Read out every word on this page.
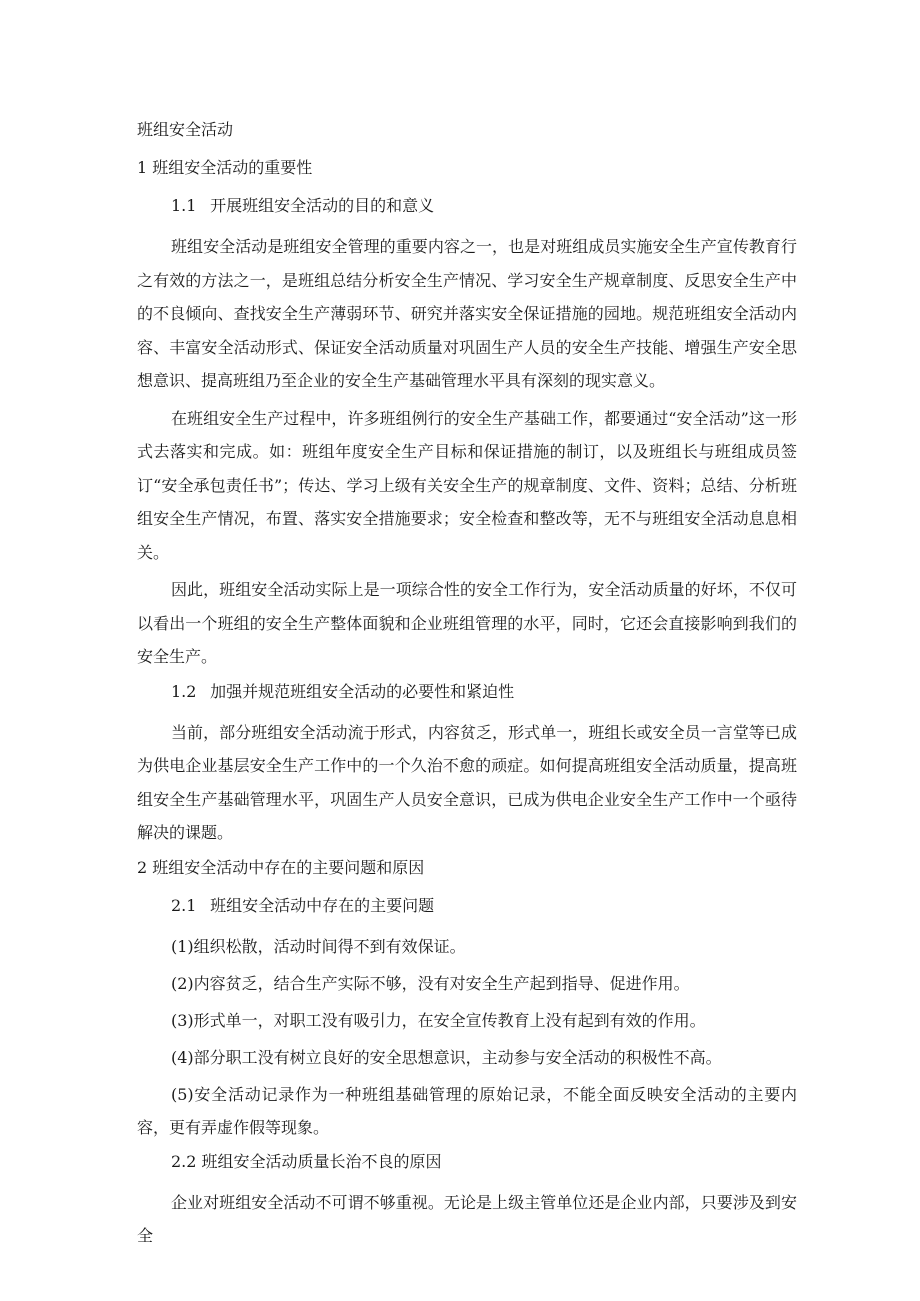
班组安全活动
1 班组安全活动的重要性
1.1 开展班组安全活动的目的和意义

班组安全活动是班组安全管理的重要内容之一，也是对班组成员实施安全生产宣传教育行之有效的方法之一，是班组总结分析安全生产情况、学习安全生产规章制度、反思安全生产中的不良倾向、查找安全生产薄弱环节、研究并落实安全保证措施的园地。规范班组安全活动内容、丰富安全活动形式、保证安全活动质量对巩固生产人员的安全生产技能、增强生产安全思想意识、提高班组乃至企业的安全生产基础管理水平具有深刻的现实意义。

在班组安全生产过程中，许多班组例行的安全生产基础工作，都要通过“安全活动”这一形式去落实和完成。如：班组年度安全生产目标和保证措施的制订，以及班组长与班组成员签订“安全承包责任书”；传达、学习上级有关安全生产的规章制度、文件、资料；总结、分析班组安全生产情况，布置、落实安全措施要求；安全检查和整改等，无不与班组安全活动息息相关。

因此，班组安全活动实际上是一项综合性的安全工作行为，安全活动质量的好坏，不仅可以看出一个班组的安全生产整体面貌和企业班组管理的水平，同时，它还会直接影响到我们的安全生产。

1.2 加强并规范班组安全活动的必要性和紧迫性

当前，部分班组安全活动流于形式，内容贫乏，形式单一，班组长或安全员一言堂等已成为供电企业基层安全生产工作中的一个久治不愈的顽症。如何提高班组安全活动质量，提高班组安全生产基础管理水平，巩固生产人员安全意识，已成为供电企业安全生产工作中一个亟待解决的课题。

2 班组安全活动中存在的主要问题和原因
2.1 班组安全活动中存在的主要问题

(1)组织松散，活动时间得不到有效保证。

(2)内容贫乏，结合生产实际不够，没有对安全生产起到指导、促进作用。

(3)形式单一，对职工没有吸引力，在安全宣传教育上没有起到有效的作用。

(4)部分职工没有树立良好的安全思想意识，主动参与安全活动的积极性不高。

(5)安全活动记录作为一种班组基础管理的原始记录，不能全面反映安全活动的主要内容，更有弄虚作假等现象。

2.2 班组安全活动质量长治不良的原因

企业对班组安全活动不可谓不够重视。无论是上级主管单位还是企业内部，只要涉及到安全
